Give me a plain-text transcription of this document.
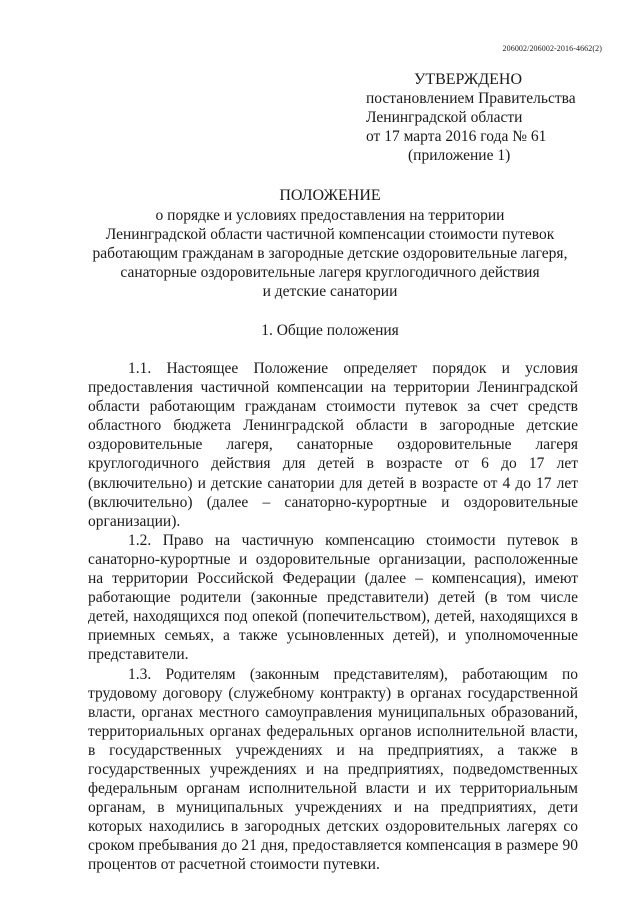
206002/206002-2016-4662(2)
УТВЕРЖДЕНО
постановлением Правительства
Ленинградской области
от 17 марта 2016 года № 61
(приложение 1)
ПОЛОЖЕНИЕ
о порядке и условиях предоставления на территории
Ленинградской области частичной компенсации стоимости путевок
работающим гражданам в загородные детские оздоровительные лагеря,
санаторные оздоровительные лагеря круглогодичного действия
и детские санатории
1. Общие положения

1.1. Настоящее Положение определяет порядок и условия предоставления частичной компенсации на территории Ленинградской области работающим гражданам стоимости путевок за счет средств областного бюджета Ленинградской области в загородные детские оздоровительные лагеря, санаторные оздоровительные лагеря круглогодичного действия для детей в возрасте от 6 до 17 лет (включительно) и детские санатории для детей в возрасте от 4 до 17 лет (включительно) (далее – санаторно-курортные и оздоровительные организации).

1.2. Право на частичную компенсацию стоимости путевок в санаторно-курортные и оздоровительные организации, расположенные на территории Российской Федерации (далее – компенсация), имеют работающие родители (законные представители) детей (в том числе детей, находящихся под опекой (попечительством), детей, находящихся в приемных семьях, а также усыновленных детей), и уполномоченные представители.

1.3. Родителям (законным представителям), работающим по трудовому договору (служебному контракту) в органах государственной власти, органах местного самоуправления муниципальных образований, территориальных органах федеральных органов исполнительной власти, в государственных учреждениях и на предприятиях, а также в государственных учреждениях и на предприятиях, подведомственных федеральным органам исполнительной власти и их территориальным органам, в муниципальных учреждениях и на предприятиях, дети которых находились в загородных детских оздоровительных лагерях со сроком пребывания до 21 дня, предоставляется компенсация в размере 90 процентов от расчетной стоимости путевки.
